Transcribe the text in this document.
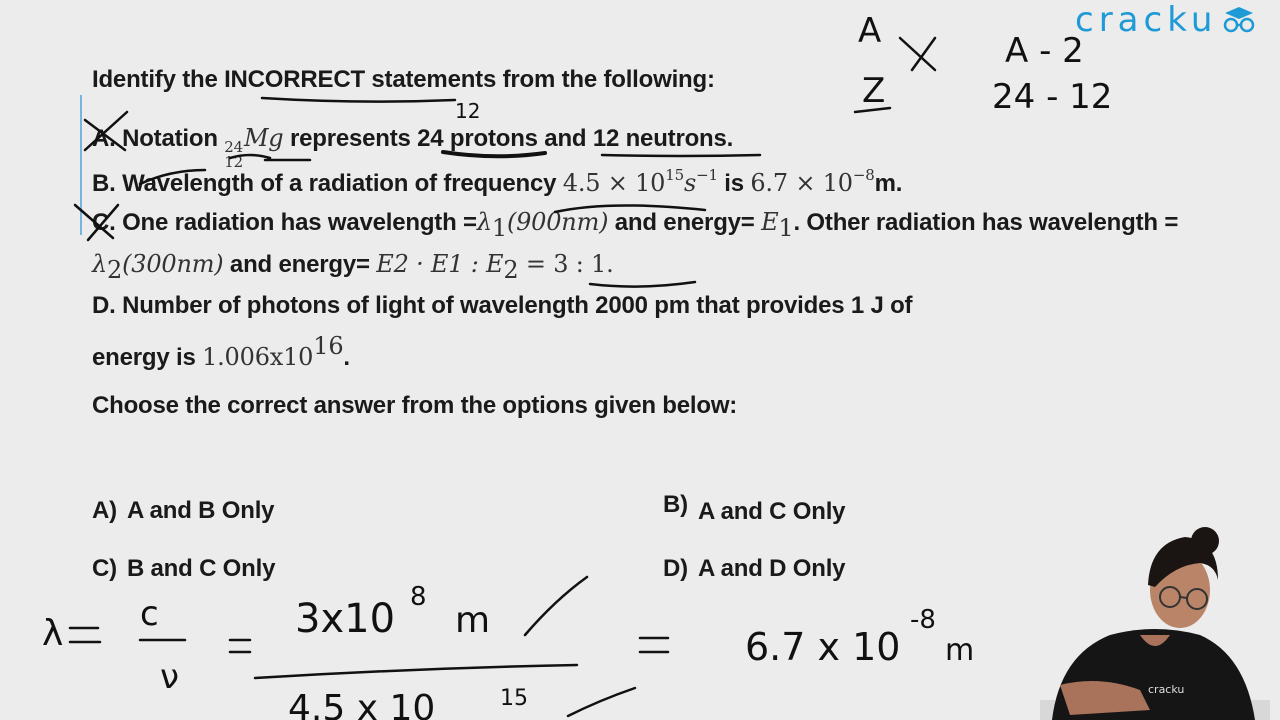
cracku
Identify the INCORRECT statements from the following:
A. Notation 24
12
Mg represents 24 protons and 12 neutrons.
B. Wavelength of a radiation of frequency $4.5 \times 10^{15}s^{-1}$ is $6.7 \times 10^{-8}m$.
C. One radiation has wavelength $=\lambda_1(900nm)$ and energy= $E_1$. Other radiation has wavelength =
$\lambda_2(300nm)$ and energy= E2 · E1 : $E_2 = 3$ : 1.
D. Number of photons of light of wavelength 2000 pm that provides 1 J of
energy is $1.006x10^{16}$.
Choose the correct answer from the options given below:
A) A and B Only	B) A and C Only
C) B and C Only	D) A and D Only
A	A - 2
Z	24 - 12
12
λ c
ν
3x10 8
m
4.5 x 10	15
6.7 x 10
-8
m
cracku
